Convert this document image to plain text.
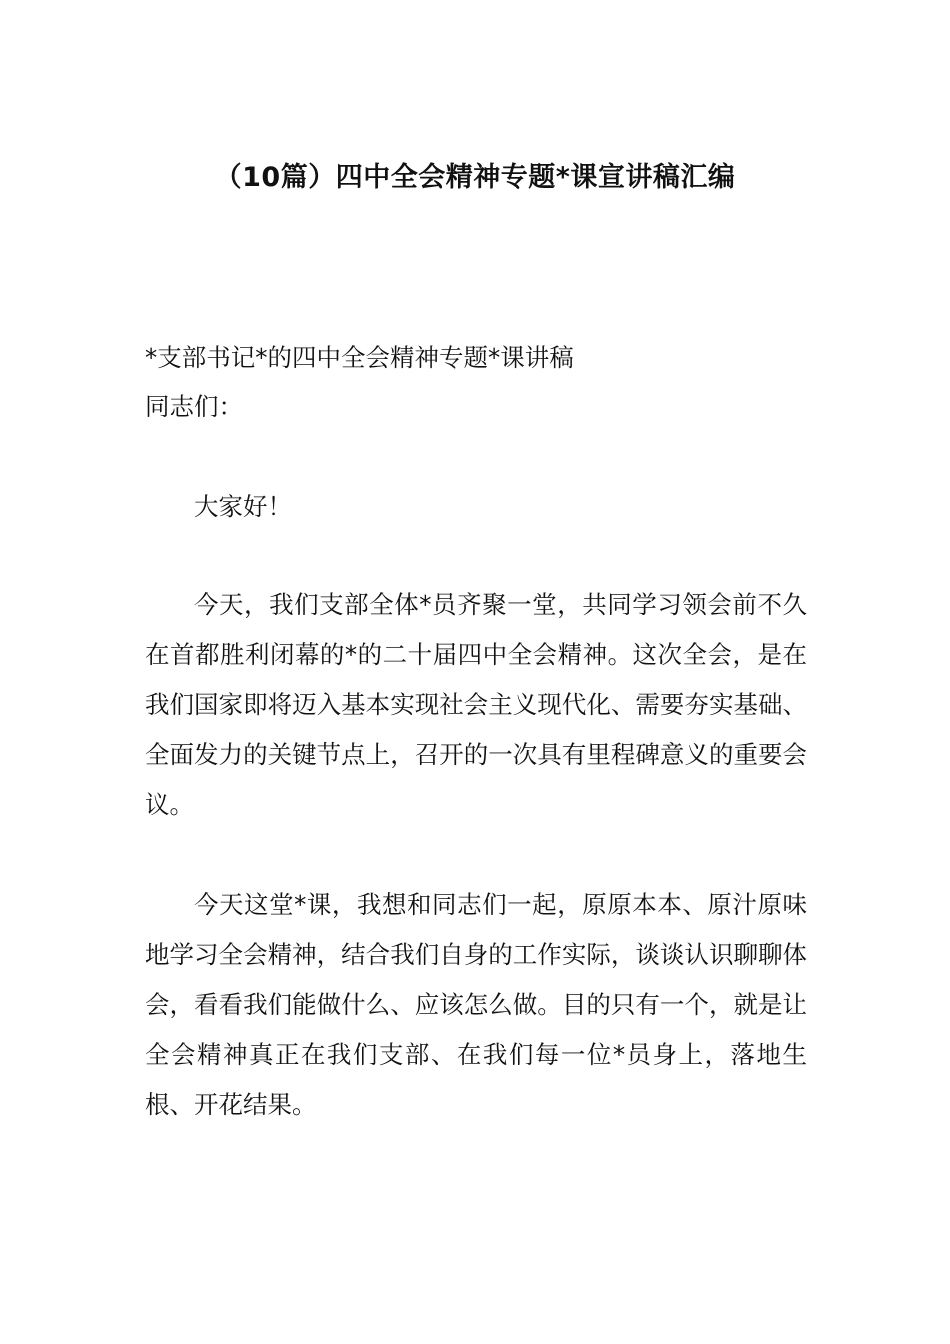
（10篇）四中全会精神专题*课宣讲稿汇编
*支部书记*的四中全会精神专题*课讲稿
同志们：

大家好！

今天，我们支部全体*员齐聚一堂，共同学习领会前不久在首都胜利闭幕的*的二十届四中全会精神。这次全会，是在我们国家即将迈入基本实现社会主义现代化、需要夯实基础、全面发力的关键节点上，召开的一次具有里程碑意义的重要会议。

今天这堂*课，我想和同志们一起，原原本本、原汁原味地学习全会精神，结合我们自身的工作实际，谈谈认识聊聊体会，看看我们能做什么、应该怎么做。目的只有一个，就是让全会精神真正在我们支部、在我们每一位*员身上，落地生根、开花结果。
